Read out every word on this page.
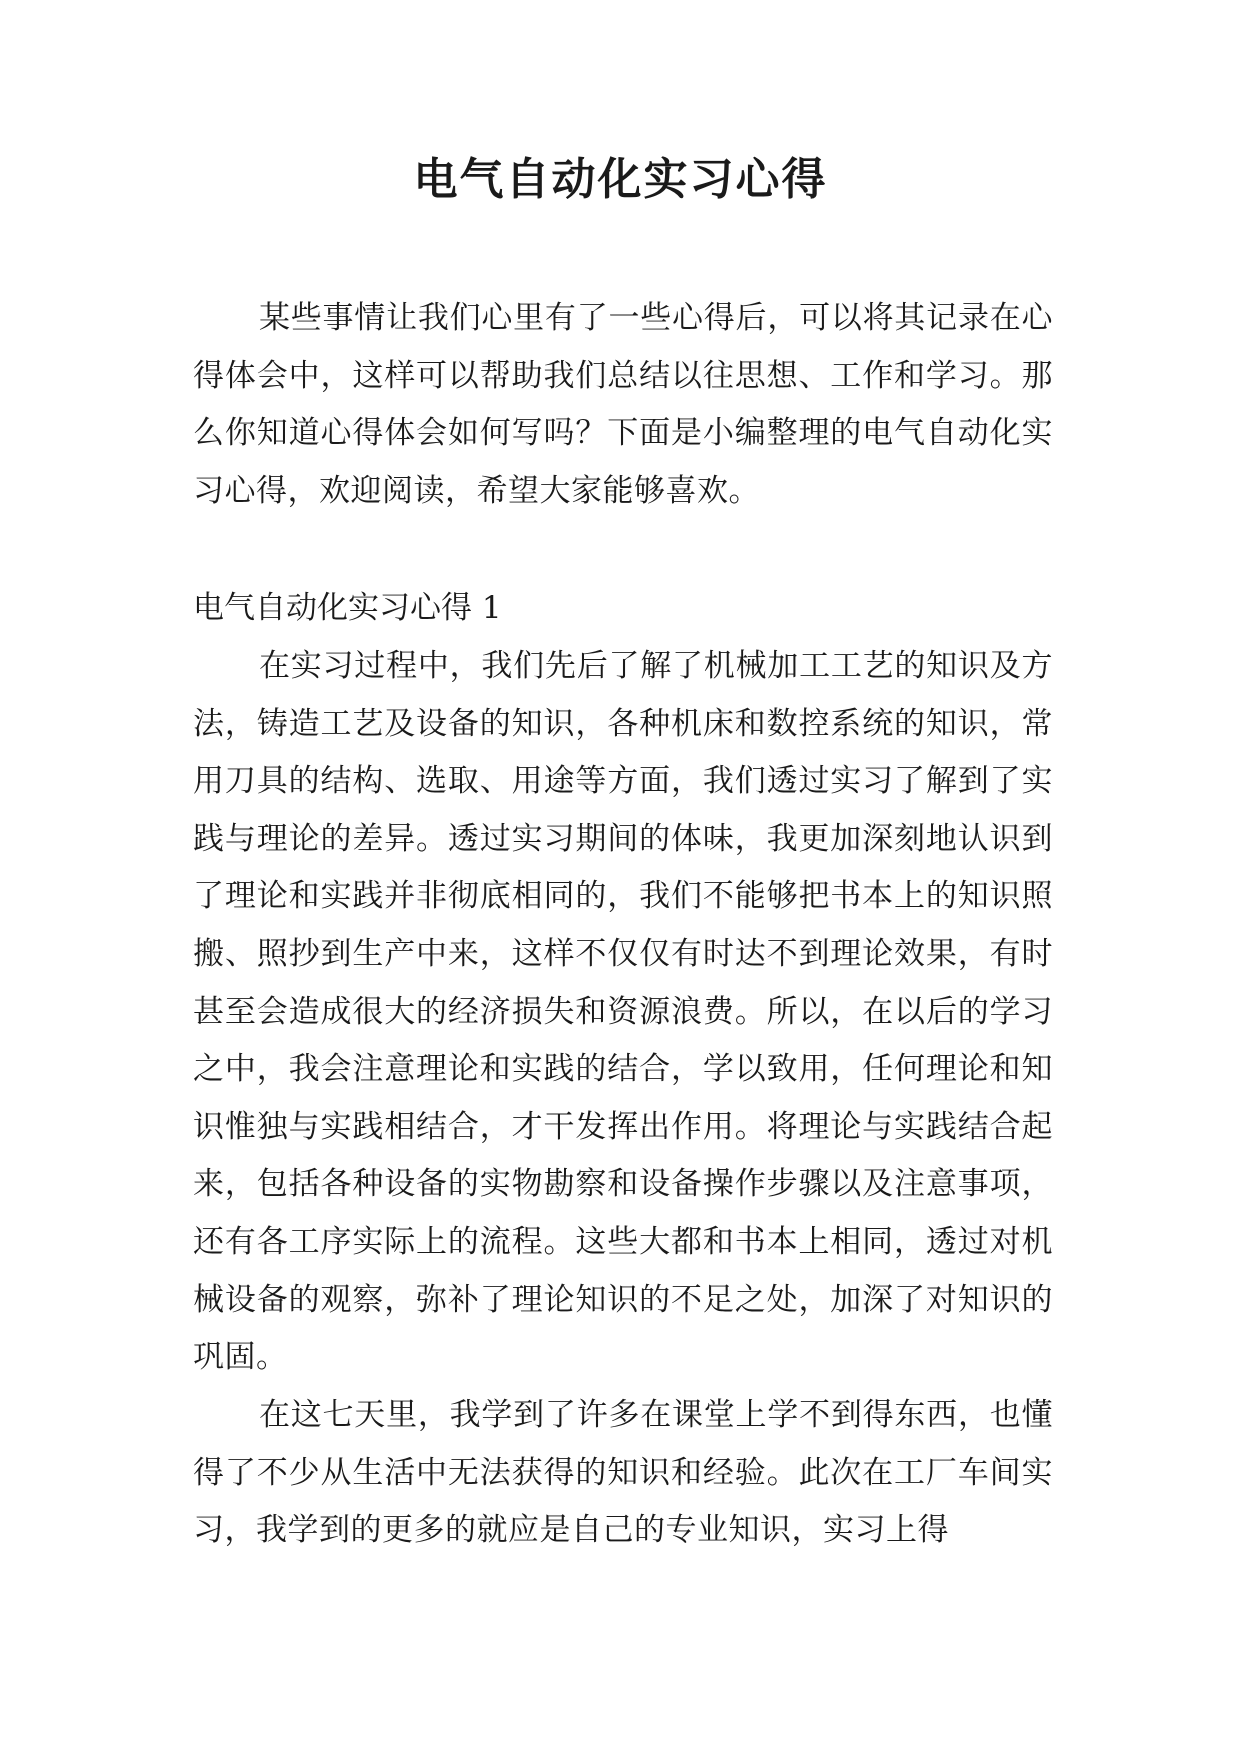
电气自动化实习心得

某些事情让我们心里有了一些心得后，可以将其记录在心得体会中，这样可以帮助我们总结以往思想、工作和学习。那么你知道心得体会如何写吗？下面是小编整理的电气自动化实习心得，欢迎阅读，希望大家能够喜欢。

电气自动化实习心得 1

在实习过程中，我们先后了解了机械加工工艺的知识及方法，铸造工艺及设备的知识，各种机床和数控系统的知识，常用刀具的结构、选取、用途等方面，我们透过实习了解到了实践与理论的差异。透过实习期间的体味，我更加深刻地认识到了理论和实践并非彻底相同的，我们不能够把书本上的知识照搬、照抄到生产中来，这样不仅仅有时达不到理论效果，有时甚至会造成很大的经济损失和资源浪费。所以，在以后的学习之中，我会注意理论和实践的结合，学以致用，任何理论和知识惟独与实践相结合，才干发挥出作用。将理论与实践结合起来，包括各种设备的实物勘察和设备操作步骤以及注意事项，还有各工序实际上的流程。这些大都和书本上相同，透过对机械设备的观察，弥补了理论知识的不足之处，加深了对知识的巩固。

在这七天里，我学到了许多在课堂上学不到得东西，也懂得了不少从生活中无法获得的知识和经验。此次在工厂车间实习，我学到的更多的就应是自己的专业知识，实习上得
